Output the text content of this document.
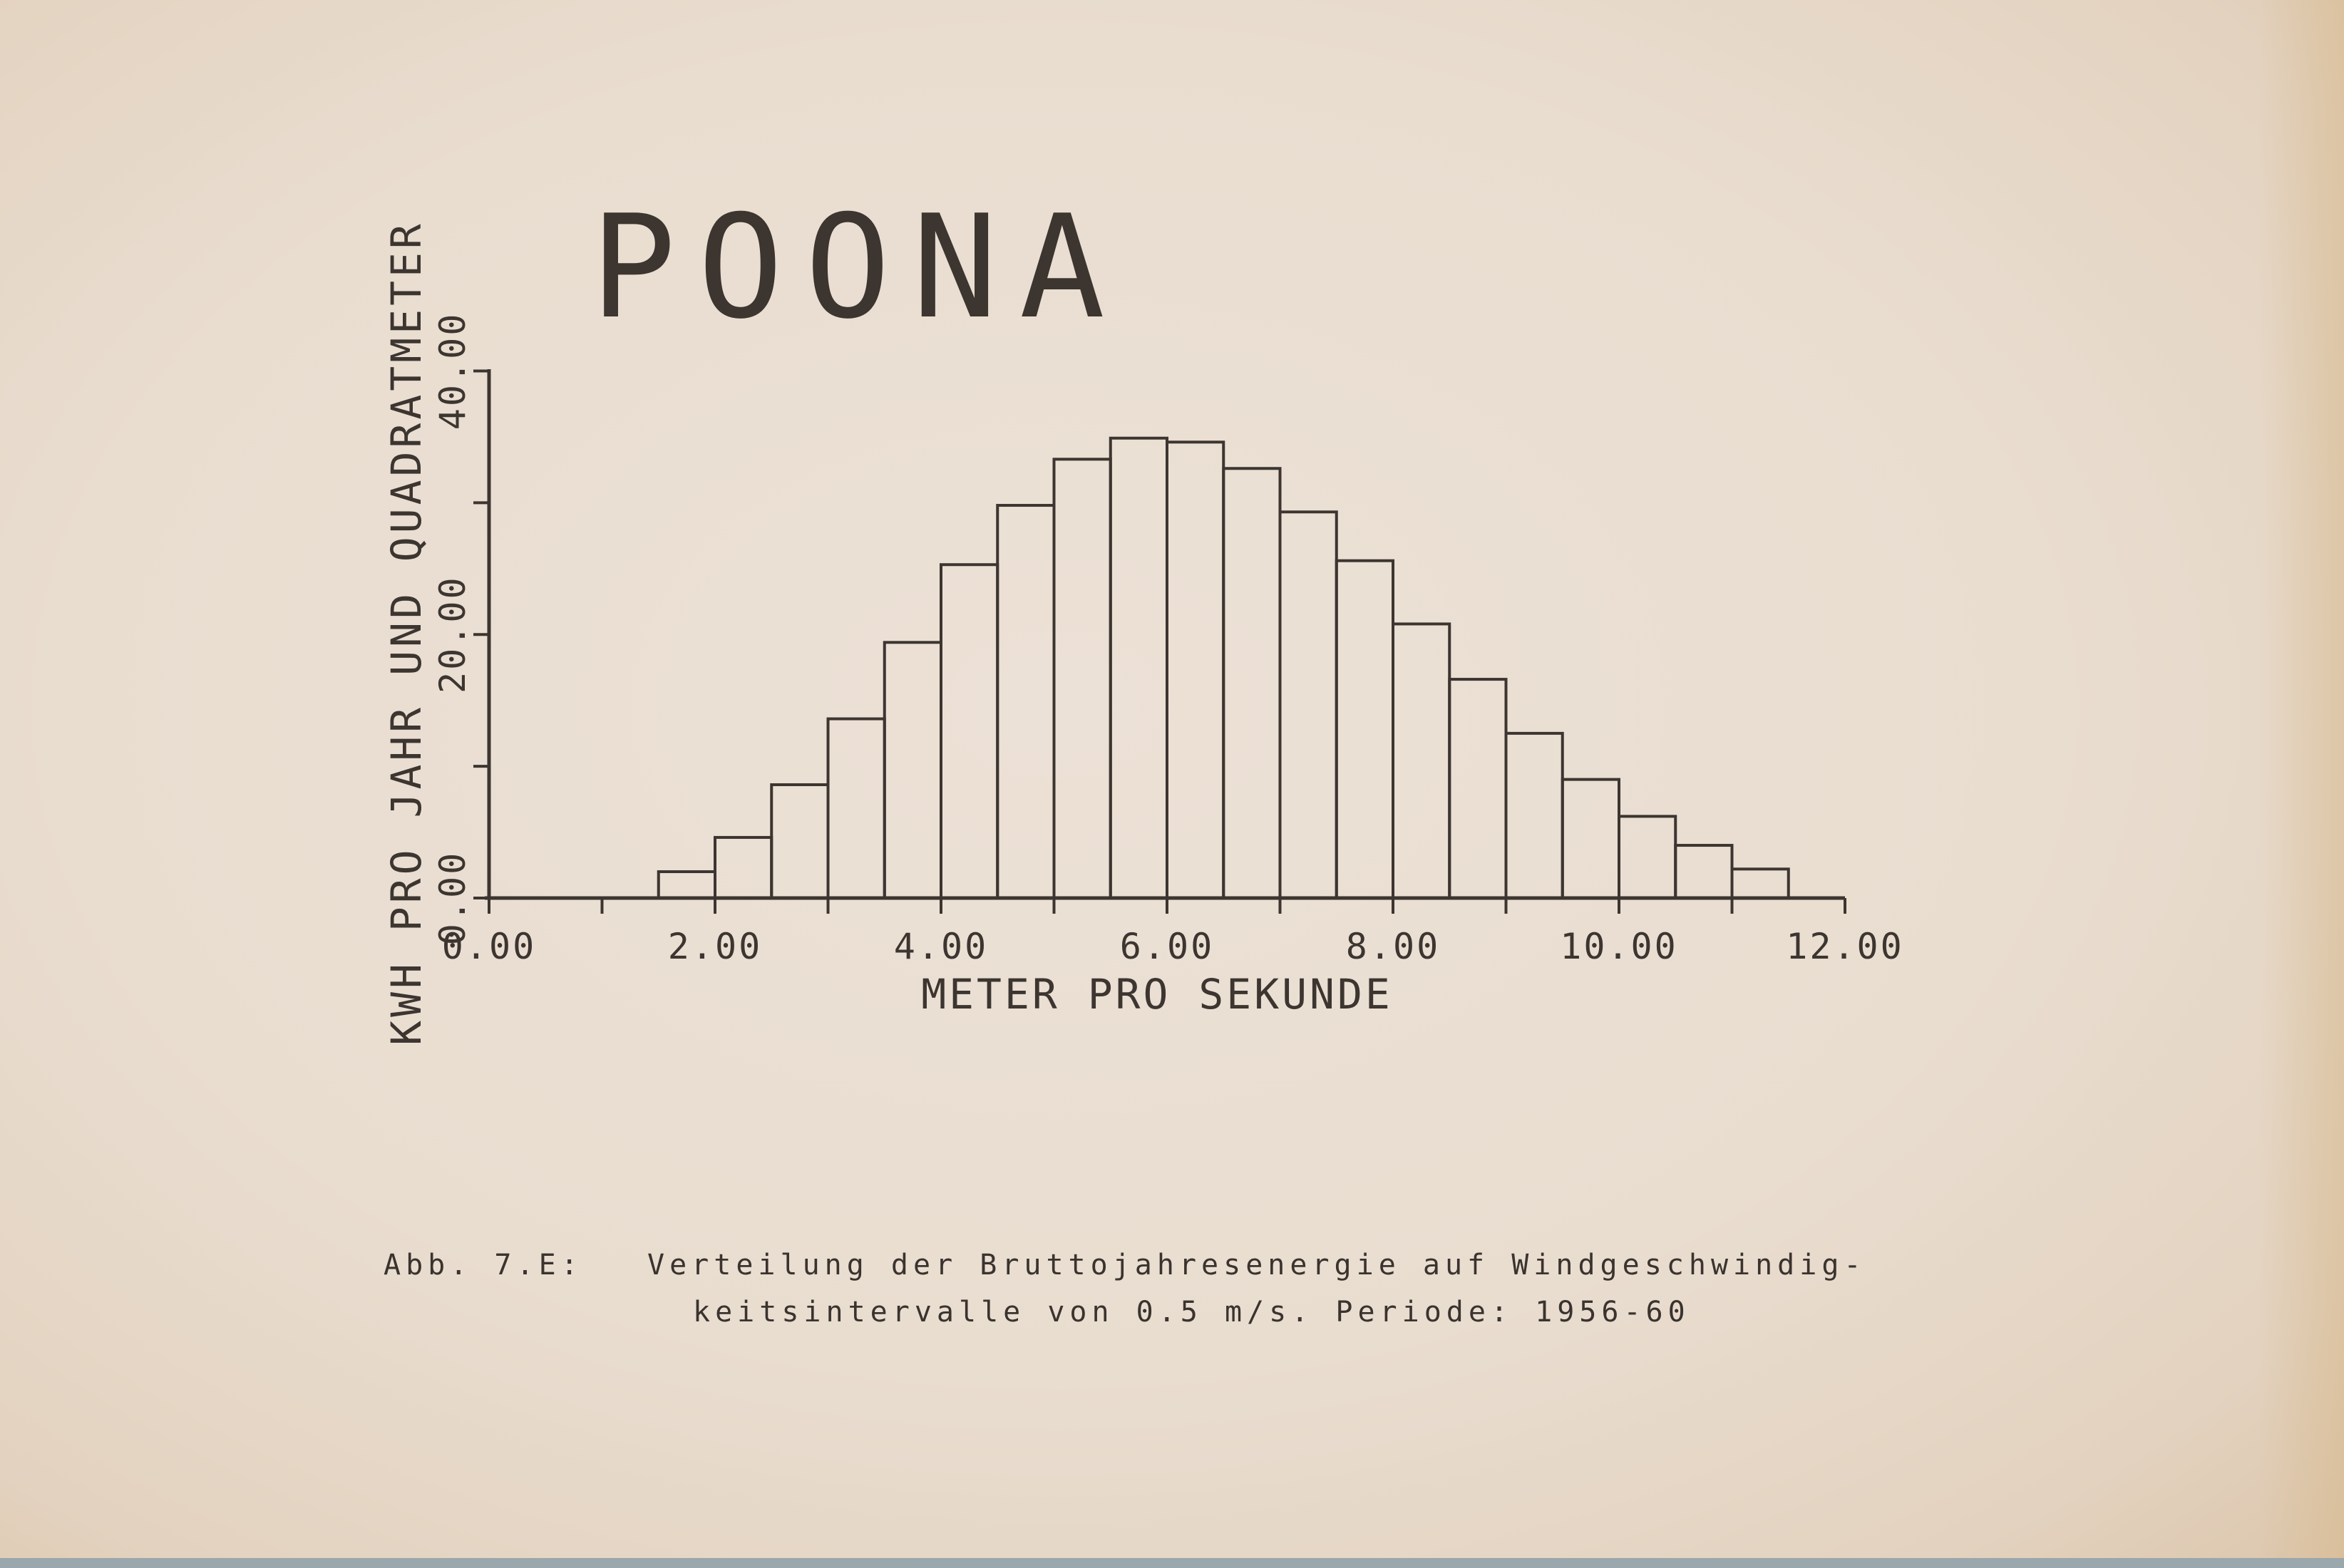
POONA
0.00	2.00	4.00	6.00	8.00	10.00	12.00
0.00
20.00
40.00
METER PRO SEKUNDE
KWH PRO JAHR UND QUADRATMETER
Abb. 7.E: Verteilung der Bruttojahresenergie auf Windgeschwindig-
keitsintervalle von 0.5 m/s. Periode: 1956-60
